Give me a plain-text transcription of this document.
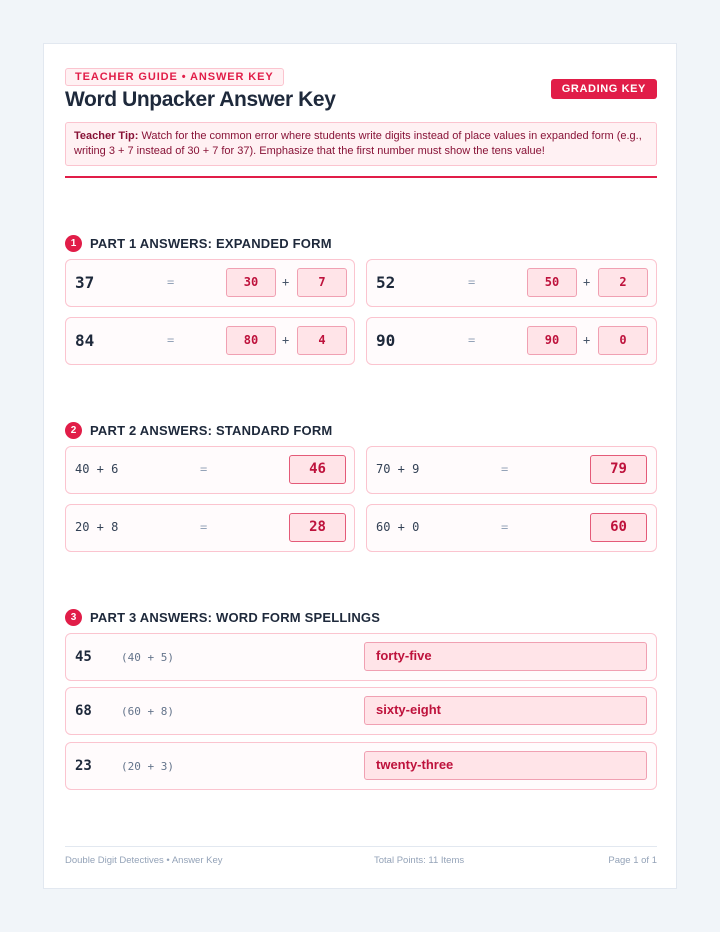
TEACHER GUIDE • ANSWER KEY
Word Unpacker Answer Key	GRADING KEY
Teacher Tip: Watch for the common error where students write digits instead of place values in expanded form (e.g., writing 3 + 7 instead of 30 + 7 for 37). Emphasize that the first number must show the tens value!
1	PART 1 ANSWERS: EXPANDED FORM
37	=	30	+	7	52	=	50	+	2
84	=	80	+	4	90	=	90	+	0
2	PART 2 ANSWERS: STANDARD FORM
40 + 6	=	46	70 + 9	=	79
20 + 8	=	28	60 + 0	=	60
3	PART 3 ANSWERS: WORD FORM SPELLINGS
45	(40 + 5)	forty-five
68	(60 + 8)	sixty-eight
23	(20 + 3)	twenty-three
Double Digit Detectives • Answer Key	Total Points: 11 Items	Page 1 of 1
